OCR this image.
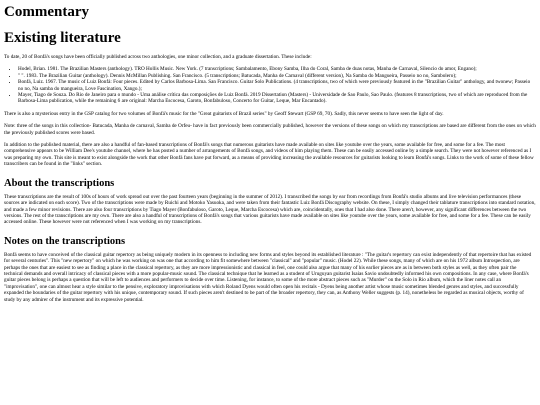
Commentary
Existing literature

To date, 20 of Bonfá's songs have been officially published across two anthologies, one minor collection, and a graduate dissertation. These include:

• Hodel, Brian. 1981. The Brazilian Masters (anthology). TRO Hollis Music. New York. (7 transcriptions; Sambalamento, Ebony Samba, Ilha do Coral, Samba de duas notas, Manha de Carnaval, Silencio do amor, Engano);
• " ". 1983. The Brazilian Guitar (anthology). Dennis McMillan Publishing. San Francisco. (5 transcriptions; Batucada, Manha de Carnaval (different version), Na Samba do Mangueira, Passeio no no, Sambolero);
• Bonfá, Luiz. 1967. The music of Luiz Bonfá: Four pieces. Edited by Carlos Barbosa-Lima. San Francisco. Guitar Solo Publications. (4 transcriptions, two of which were previously featured in the "Brazilian Guitar" anthology, and twonew; Passeio no no, Na samba do mangueira, Love Fascination, Xango.);
• Mayer, Tiago de Souza. Do Rio de Janeiro para o mundo - Uma análise crítica das composições de Luiz Bonfá. 2019 Dissertation (Masters) - Universidade de Sao Paulo, Sao Paulo. (features 8 transcriptions, two of which are reproduced from the Barbosa-Lima publication, while the remaining 6 are original: Marcha Escocesa, Garoto, Bonfabuloso, Concerto for Guitar, Leque, Mar Encantado).

There is also a mysterious entry in the GSP catalog for two volumes of Bonfá's music for the "Great guitarists of Brazil series" by Geoff Stewart (GSP 69, 70). Sadly, this never seems to have seen the light of day.

Note: three of the songs in this collection- Batucada, Manha de carnaval, Samba de Orfeu- have in fact previously been commercially published, however the versions of these songs on which my transcriptions are based are different from the ones on which the previously published scores were based.

In addition to the published material, there are also a handful of fan-based transcriptions of Bonfá's songs that numerous guitarists have made available on sites like youtube over the years, some available for free, and some for a fee. The most comprehensive appears to be William Dee's youtube channel, where he has posted a number of arrangements of Bonfá songs, and videos of him playing them. These can be easily accessed online by a simple search. They were not however referenced as I was preparing my own. This site is meant to exist alongside the work that other Bonfá fans have put forward, as a means of providing increasing the available resources for guitarists looking to learn Bonfá's songs. Links to the work of some of these fellow transcribers can be found in the "links" section.

About the transcriptions

These transcriptions are the result of 100s of hours of work spread out over the past fourteen years (beginning in the summer of 2012). I transcribed the songs by ear from recordings from Bonfá's studio albums and live television performances (these sources are indicated on each score). Two of the transcriptions were made by Ruichi and Motoko Yasuoka, and were taken from their fantastic Luiz Bonfá Discography website. On these, I simply changed their tablature transcriptions into standard notation, and made a few minor revisions. There are also four transcriptions by Tiago Mayer (Bonfabuloso, Garoto, Leque, Marcha Escocesa) which are, coincidentally, ones that I had also done. There aren't, however, any significant differences between the two versions. The rest of the transcriptions are my own. There are also a handful of transcriptions of Bonfá's songs that various guitarists have made available on sites like youtube over the years, some available for free, and some for a fee. These can be easily accessed online. These however were not referenced when I was working on my transcriptions.

Notes on the transcriptions

Bonfá seems to have conceived of the classical guitar repertory as being uniquely modern in its openness to including new forms and styles beyond its established literature : "The guitar's repertory can exist independently of that repertoire that has existed for several centuries". This "new repertory" on which he was working on was one that according to him fit somewhere between "classical" and "popular" music. (Hodel 22). While these songs, many of which are on his 1972 album Introspection, are perhaps the ones that are easiest to see as finding a place in the classical repertory, as they are more impressionistic and classical in feel, one could also argue that many of his earlier pieces are as in between both styles as well, as they often pair the technical demands and overall intricacy of classical pieces with a more popular-music sound. The classical technique that he learned as a student of Uruguyan guitarist Isaias Savio undoubtedly informed his own compositions. In any case, where Bonfá's guitar pieces belong is perhaps a question that will be left to audiences and performers to decide over time. Listening, for instance, to some of the more abstract pieces such as "Murder" on the Solo in Rio album, which the liner notes call an "improvisation", one can almost hear a style similar to the pensive, exploratory improvisations with which Roland Dyens would often open his recitals - Dyens being another artist whose music sometimes blended genres and styles, and successfully expanded the boundaries of the guitar repertory with his unique, contemporary sound. If such pieces aren't destined to be part of the broader repertory, they can, as Anthony Weller suggests (p. 14), nonetheless be regarded as musical objects, worthy of study by any admirer of the instrument and its expressive potential.
